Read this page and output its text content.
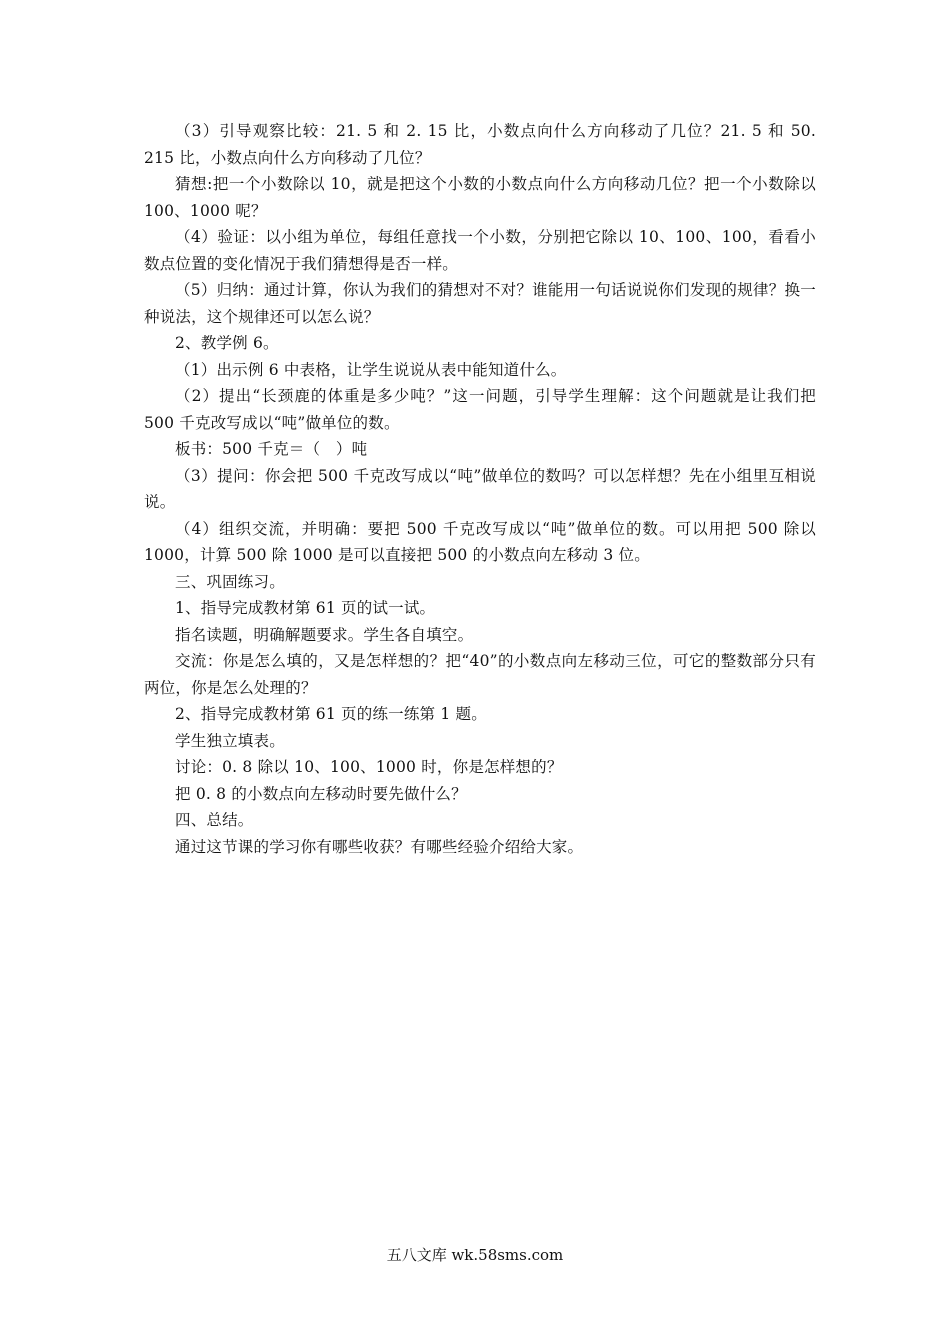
（3）引导观察比较：21. 5 和 2. 15 比，小数点向什么方向移动了几位？21. 5 和 50. 215 比，小数点向什么方向移动了几位？

猜想:把一个小数除以 10，就是把这个小数的小数点向什么方向移动几位？把一个小数除以 100、1000 呢？

（4）验证：以小组为单位，每组任意找一个小数，分别把它除以 10、100、100，看看小数点位置的变化情况于我们猜想得是否一样。

（5）归纳：通过计算，你认为我们的猜想对不对？谁能用一句话说说你们发现的规律？换一种说法，这个规律还可以怎么说？

2、教学例 6。

（1）出示例 6 中表格，让学生说说从表中能知道什么。

（2）提出“长颈鹿的体重是多少吨？”这一问题，引导学生理解：这个问题就是让我们把 500 千克改写成以“吨”做单位的数。

板书：500 千克＝（　）吨

（3）提问：你会把 500 千克改写成以“吨”做单位的数吗？可以怎样想？先在小组里互相说说。

（4）组织交流，并明确：要把 500 千克改写成以“吨”做单位的数。可以用把 500 除以 1000，计算 500 除 1000 是可以直接把 500 的小数点向左移动 3 位。

三、巩固练习。

1、指导完成教材第 61 页的试一试。

指名读题，明确解题要求。学生各自填空。

交流：你是怎么填的，又是怎样想的？把“40”的小数点向左移动三位，可它的整数部分只有两位，你是怎么处理的？

2、指导完成教材第 61 页的练一练第 1 题。

学生独立填表。

讨论：0. 8 除以 10、100、1000 时，你是怎样想的？

把 0. 8 的小数点向左移动时要先做什么？

四、总结。

通过这节课的学习你有哪些收获？有哪些经验介绍给大家。

五八文库 wk.58sms.com
